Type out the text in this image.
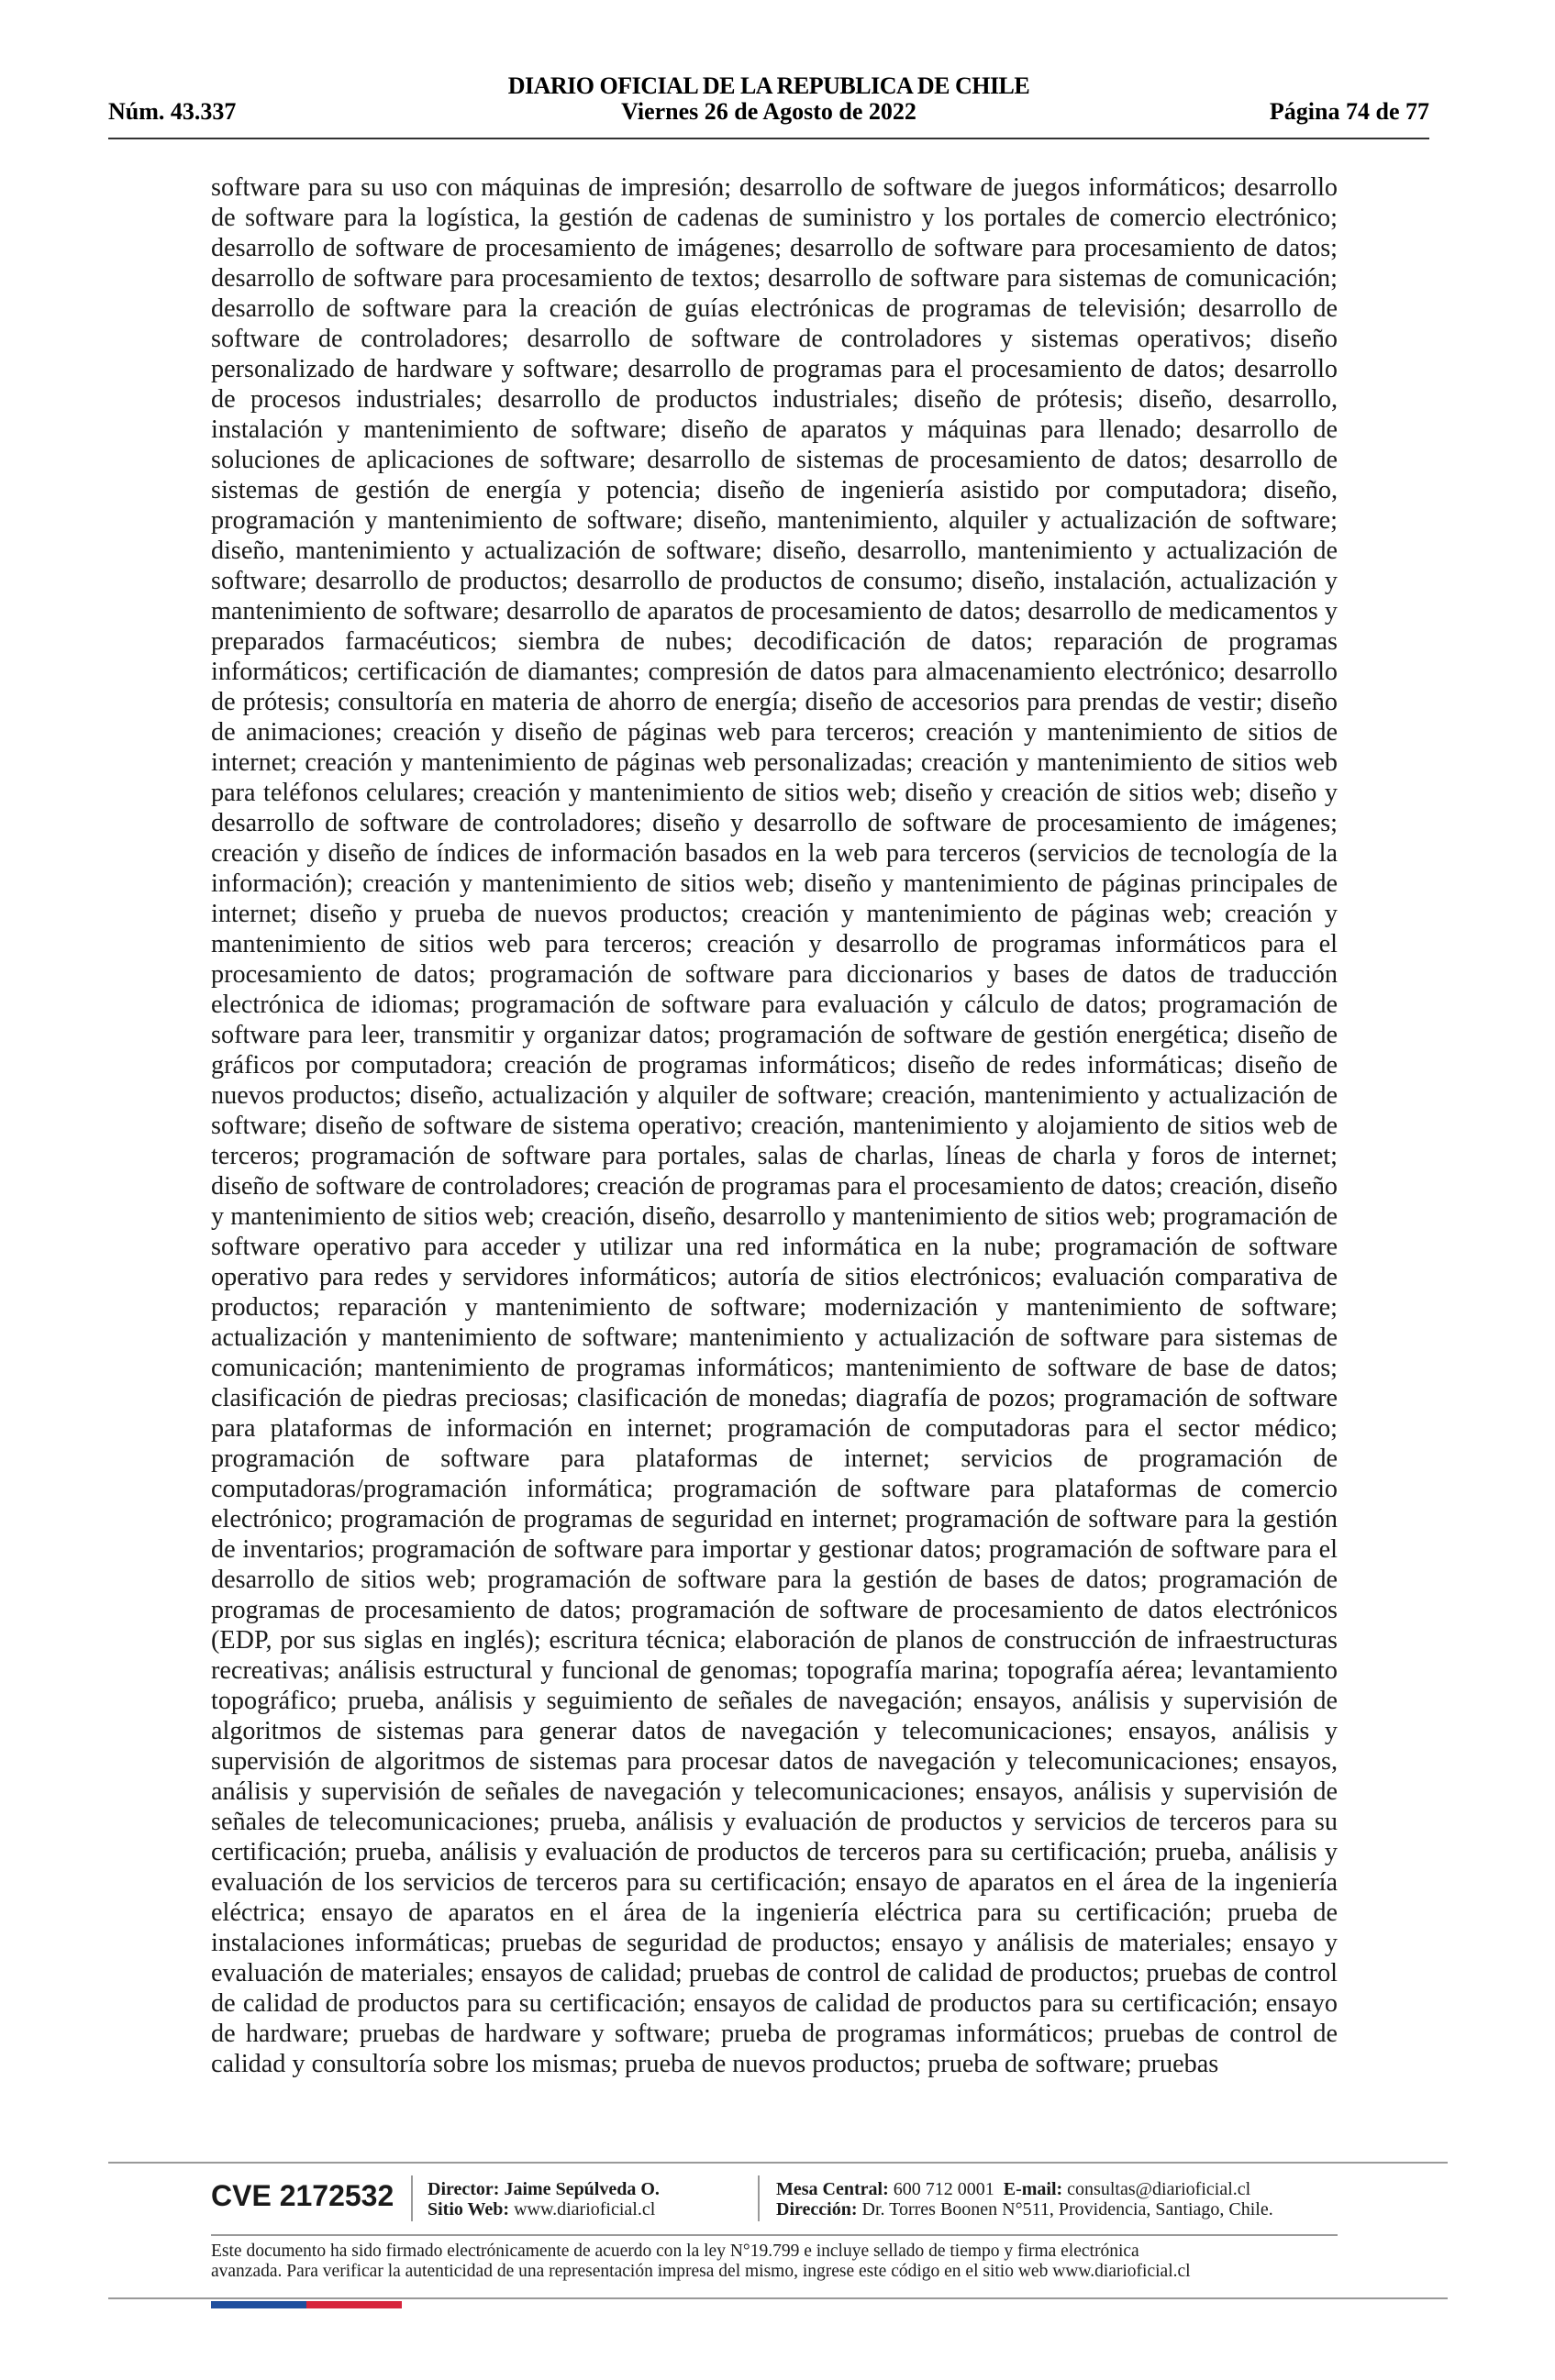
Núm. 43.337
DIARIO OFICIAL DE LA REPUBLICA DE CHILE
Viernes 26 de Agosto de 2022	Página 74 de 77

software para su uso con máquinas de impresión; desarrollo de software de juegos informáticos; desarrollo de software para la logística, la gestión de cadenas de suministro y los portales de comercio electrónico; desarrollo de software de procesamiento de imágenes; desarrollo de software para procesamiento de datos; desarrollo de software para procesamiento de textos; desarrollo de software para sistemas de comunicación; desarrollo de software para la creación de guías electrónicas de programas de televisión; desarrollo de software de controladores; desarrollo de software de controladores y sistemas operativos; diseño personalizado de hardware y software; desarrollo de programas para el procesamiento de datos; desarrollo de procesos industriales; desarrollo de productos industriales; diseño de prótesis; diseño, desarrollo, instalación y mantenimiento de software; diseño de aparatos y máquinas para llenado; desarrollo de soluciones de aplicaciones de software; desarrollo de sistemas de procesamiento de datos; desarrollo de sistemas de gestión de energía y potencia; diseño de ingeniería asistido por computadora; diseño, programación y mantenimiento de software; diseño, mantenimiento, alquiler y actualización de software; diseño, mantenimiento y actualización de software; diseño, desarrollo, mantenimiento y actualización de software; desarrollo de productos; desarrollo de productos de consumo; diseño, instalación, actualización y mantenimiento de software; desarrollo de aparatos de procesamiento de datos; desarrollo de medicamentos y preparados farmacéuticos; siembra de nubes; decodificación de datos; reparación de programas informáticos; certificación de diamantes; compresión de datos para almacenamiento electrónico; desarrollo de prótesis; consultoría en materia de ahorro de energía; diseño de accesorios para prendas de vestir; diseño de animaciones; creación y diseño de páginas web para terceros; creación y mantenimiento de sitios de internet; creación y mantenimiento de páginas web personalizadas; creación y mantenimiento de sitios web para teléfonos celulares; creación y mantenimiento de sitios web; diseño y creación de sitios web; diseño y desarrollo de software de controladores; diseño y desarrollo de software de procesamiento de imágenes; creación y diseño de índices de información basados en la web para terceros (servicios de tecnología de la información); creación y mantenimiento de sitios web; diseño y mantenimiento de páginas principales de internet; diseño y prueba de nuevos productos; creación y mantenimiento de páginas web; creación y mantenimiento de sitios web para terceros; creación y desarrollo de programas informáticos para el procesamiento de datos; programación de software para diccionarios y bases de datos de traducción electrónica de idiomas; programación de software para evaluación y cálculo de datos; programación de software para leer, transmitir y organizar datos; programación de software de gestión energética; diseño de gráficos por computadora; creación de programas informáticos; diseño de redes informáticas; diseño de nuevos productos; diseño, actualización y alquiler de software; creación, mantenimiento y actualización de software; diseño de software de sistema operativo; creación, mantenimiento y alojamiento de sitios web de terceros; programación de software para portales, salas de charlas, líneas de charla y foros de internet; diseño de software de controladores; creación de programas para el procesamiento de datos; creación, diseño y mantenimiento de sitios web; creación, diseño, desarrollo y mantenimiento de sitios web; programación de software operativo para acceder y utilizar una red informática en la nube; programación de software operativo para redes y servidores informáticos; autoría de sitios electrónicos; evaluación comparativa de productos; reparación y mantenimiento de software; modernización y mantenimiento de software; actualización y mantenimiento de software; mantenimiento y actualización de software para sistemas de comunicación; mantenimiento de programas informáticos; mantenimiento de software de base de datos; clasificación de piedras preciosas; clasificación de monedas; diagrafía de pozos; programación de software para plataformas de información en internet; programación de computadoras para el sector médico; programación de software para plataformas de internet; servicios de programación de computadoras/programación informática; programación de software para plataformas de comercio electrónico; programación de programas de seguridad en internet; programación de software para la gestión de inventarios; programación de software para importar y gestionar datos; programación de software para el desarrollo de sitios web; programación de software para la gestión de bases de datos; programación de programas de procesamiento de datos; programación de software de procesamiento de datos electrónicos (EDP, por sus siglas en inglés); escritura técnica; elaboración de planos de construcción de infraestructuras recreativas; análisis estructural y funcional de genomas; topografía marina; topografía aérea; levantamiento topográfico; prueba, análisis y seguimiento de señales de navegación; ensayos, análisis y supervisión de algoritmos de sistemas para generar datos de navegación y telecomunicaciones; ensayos, análisis y supervisión de algoritmos de sistemas para procesar datos de navegación y telecomunicaciones; ensayos, análisis y supervisión de señales de navegación y telecomunicaciones; ensayos, análisis y supervisión de señales de telecomunicaciones; prueba, análisis y evaluación de productos y servicios de terceros para su certificación; prueba, análisis y evaluación de productos de terceros para su certificación; prueba, análisis y evaluación de los servicios de terceros para su certificación; ensayo de aparatos en el área de la ingeniería eléctrica; ensayo de aparatos en el área de la ingeniería eléctrica para su certificación; prueba de instalaciones informáticas; pruebas de seguridad de productos; ensayo y análisis de materiales; ensayo y evaluación de materiales; ensayos de calidad; pruebas de control de calidad de productos; pruebas de control de calidad de productos para su certificación; ensayos de calidad de productos para su certificación; ensayo de hardware; pruebas de hardware y software; prueba de programas informáticos; pruebas de control de calidad y consultoría sobre los mismas; prueba de nuevos productos; prueba de software; pruebas

CVE 2172532 Director: Jaime Sepúlveda O.
Sitio Web: www.diarioficial.cl
Mesa Central: 600 712 0001 E-mail: consultas@diarioficial.cl
Dirección: Dr. Torres Boonen N°511, Providencia, Santiago, Chile.
Este documento ha sido firmado electrónicamente de acuerdo con la ley N°19.799 e incluye sellado de tiempo y firma electrónica
avanzada. Para verificar la autenticidad de una representación impresa del mismo, ingrese este código en el sitio web www.diarioficial.cl
